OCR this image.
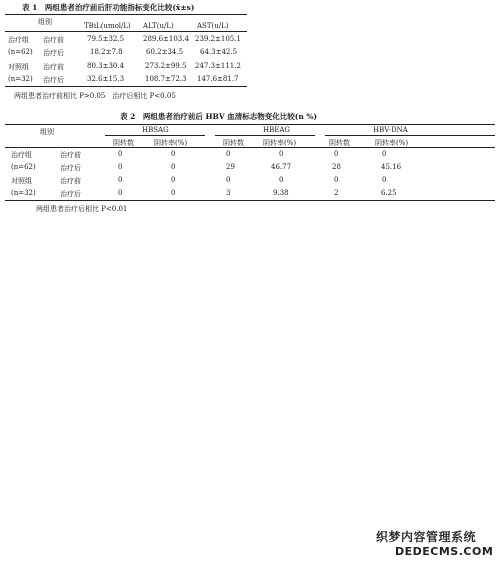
表 1　两组患者治疗前后肝功能指标变化比较(x̄±s)
组别	TBiL(umol/L) ALT(u/L)	AST(u/L)
治疗组 治疗前	79.5±32.5	289.6±103.4 239.2±105.1
(n=62) 治疗后	18.2±7.8	60.2±34.5 64.3±42.5
对照组 治疗前	80.3±30.4	273.2±99.5 247.3±111.2
(n=32) 治疗后	32.6±15.3	108.7±72.3 147.6±81.7
两组患者治疗前相比 P>0.05　治疗后相比 P<0.05
表 2　两组患者治疗前后 HBV 血清标志物变化比较(n %)
组别	HBSAG	HBEAG	HBV-DNA
阴转数	阴转率(%)	阴转数	阴转率(%)	阴转数	阴转率(%)
治疗组	治疗前	0	0	0	0	0	0
(n=62)	治疗后	0	0	29	46.77	28	45.16
对照组	治疗前	0	0	0	0	0	0
(n=32)	治疗后	0	0	3	9.38	2	6.25
两组患者治疗后相比 P<0.01
织梦内容管理系统
DEDECMS.COM
